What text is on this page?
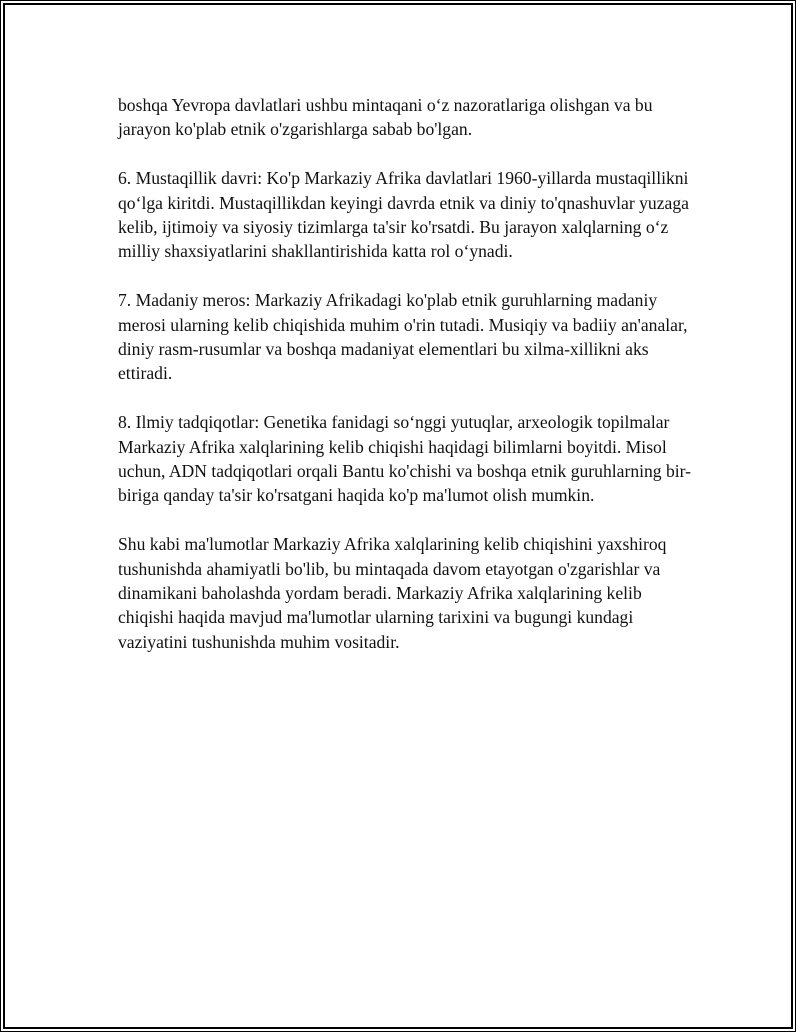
boshqa Yevropa davlatlari ushbu mintaqani o‘z nazoratlariga olishgan va bu jarayon ko'plab etnik o'zgarishlarga sabab bo'lgan.

6. Mustaqillik davri: Ko'p Markaziy Afrika davlatlari 1960-yillarda mustaqillikni qo‘lga kiritdi. Mustaqillikdan keyingi davrda etnik va diniy to'qnashuvlar yuzaga kelib, ijtimoiy va siyosiy tizimlarga ta'sir ko'rsatdi. Bu jarayon xalqlarning o‘z milliy shaxsiyatlarini shakllantirishida katta rol o‘ynadi.

7. Madaniy meros: Markaziy Afrikadagi ko'plab etnik guruhlarning madaniy merosi ularning kelib chiqishida muhim o'rin tutadi. Musiqiy va badiiy an'analar, diniy rasm-rusumlar va boshqa madaniyat elementlari bu xilma-xillikni aks ettiradi.

8. Ilmiy tadqiqotlar: Genetika fanidagi so‘nggi yutuqlar, arxeologik topilmalar Markaziy Afrika xalqlarining kelib chiqishi haqidagi bilimlarni boyitdi. Misol uchun, ADN tadqiqotlari orqali Bantu ko'chishi va boshqa etnik guruhlarning bir-biriga qanday ta'sir ko'rsatgani haqida ko'p ma'lumot olish mumkin.

Shu kabi ma'lumotlar Markaziy Afrika xalqlarining kelib chiqishini yaxshiroq tushunishda ahamiyatli bo'lib, bu mintaqada davom etayotgan o'zgarishlar va dinamikani baholashda yordam beradi. Markaziy Afrika xalqlarining kelib chiqishi haqida mavjud ma'lumotlar ularning tarixini va bugungi kundagi vaziyatini tushunishda muhim vositadir.
